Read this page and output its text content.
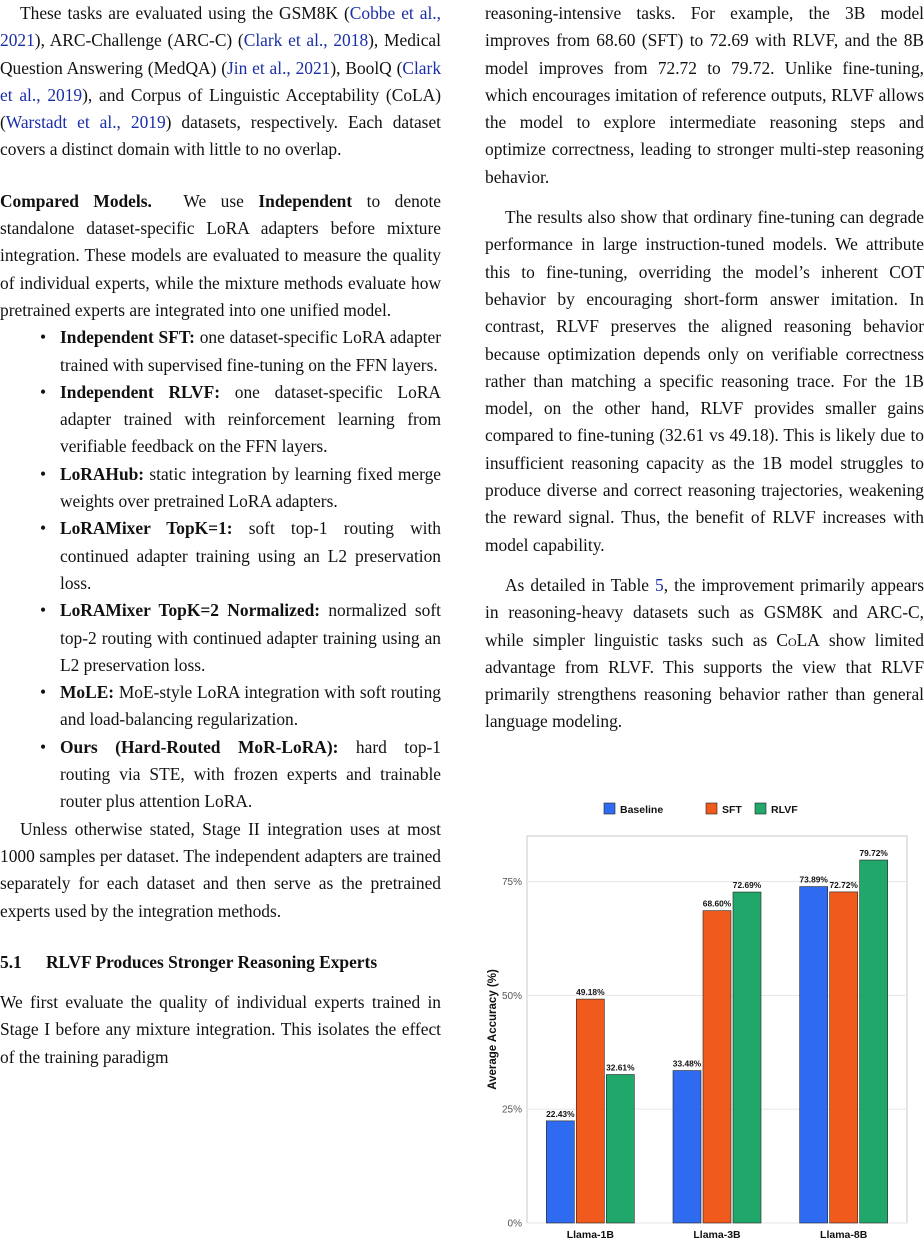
These tasks are evaluated using the GSM8K (Cobbe et al., 2021), ARC-Challenge (ARC-C) (Clark et al., 2018), Medical Question Answering (MedQA) (Jin et al., 2021), BoolQ (Clark et al., 2019), and Corpus of Linguistic Acceptability (CoLA) (Warstadt et al., 2019) datasets, respectively. Each dataset covers a distinct domain with little to no overlap.

Compared Models.  We use Independent to denote standalone dataset-specific LoRA adapters before mixture integration. These models are evaluated to measure the quality of individual experts, while the mixture methods evaluate how pretrained experts are integrated into one unified model.

• Independent SFT: one dataset-specific LoRA adapter trained with supervised fine-tuning on the FFN layers.
• Independent RLVF: one dataset-specific LoRA adapter trained with reinforcement learning from verifiable feedback on the FFN layers.
• LoRAHub: static integration by learning fixed merge weights over pretrained LoRA adapters.
• LoRAMixer TopK=1: soft top-1 routing with continued adapter training using an L2 preservation loss.
• LoRAMixer TopK=2 Normalized: normalized soft top-2 routing with continued adapter training using an L2 preservation loss.
• MoLE: MoE-style LoRA integration with soft routing and load-balancing regularization.
• Ours (Hard-Routed MoR-LoRA): hard top-1 routing via STE, with frozen experts and trainable router plus attention LoRA.

Unless otherwise stated, Stage II integration uses at most 1000 samples per dataset. The independent adapters are trained separately for each dataset and then serve as the pretrained experts used by the integration methods.

5.1 RLVF Produces Stronger Reasoning Experts

We first evaluate the quality of individual experts trained in Stage I before any mixture integration. This isolates the effect of the training paradigm

reasoning-intensive tasks. For example, the 3B model improves from 68.60 (SFT) to 72.69 with RLVF, and the 8B model improves from 72.72 to 79.72. Unlike fine-tuning, which encourages imitation of reference outputs, RLVF allows the model to explore intermediate reasoning steps and optimize correctness, leading to stronger multi-step reasoning behavior.

The results also show that ordinary fine-tuning can degrade performance in large instruction-tuned models. We attribute this to fine-tuning, overriding the model’s inherent COT behavior by encouraging short-form answer imitation. In contrast, RLVF preserves the aligned reasoning behavior because optimization depends only on verifiable correctness rather than matching a specific reasoning trace. For the 1B model, on the other hand, RLVF provides smaller gains compared to fine-tuning (32.61 vs 49.18). This is likely due to insufficient reasoning capacity as the 1B model struggles to produce diverse and correct reasoning trajectories, weakening the reward signal. Thus, the benefit of RLVF increases with model capability.

As detailed in Table 5, the improvement primarily appears in reasoning-heavy datasets such as GSM8K and ARC-C, while simpler linguistic tasks such as CoLA show limited advantage from RLVF. This supports the view that RLVF primarily strengthens reasoning behavior rather than general language modeling.

Baseline	SFT	RLVF
0%
25%
50%
75%
Average Accuracy (%)
22.43%
49.18%
32.61%
Llama-1B
33.48%
68.60%
72.69%
Llama-3B
73.89%
72.72%
79.72%
Llama-8B
